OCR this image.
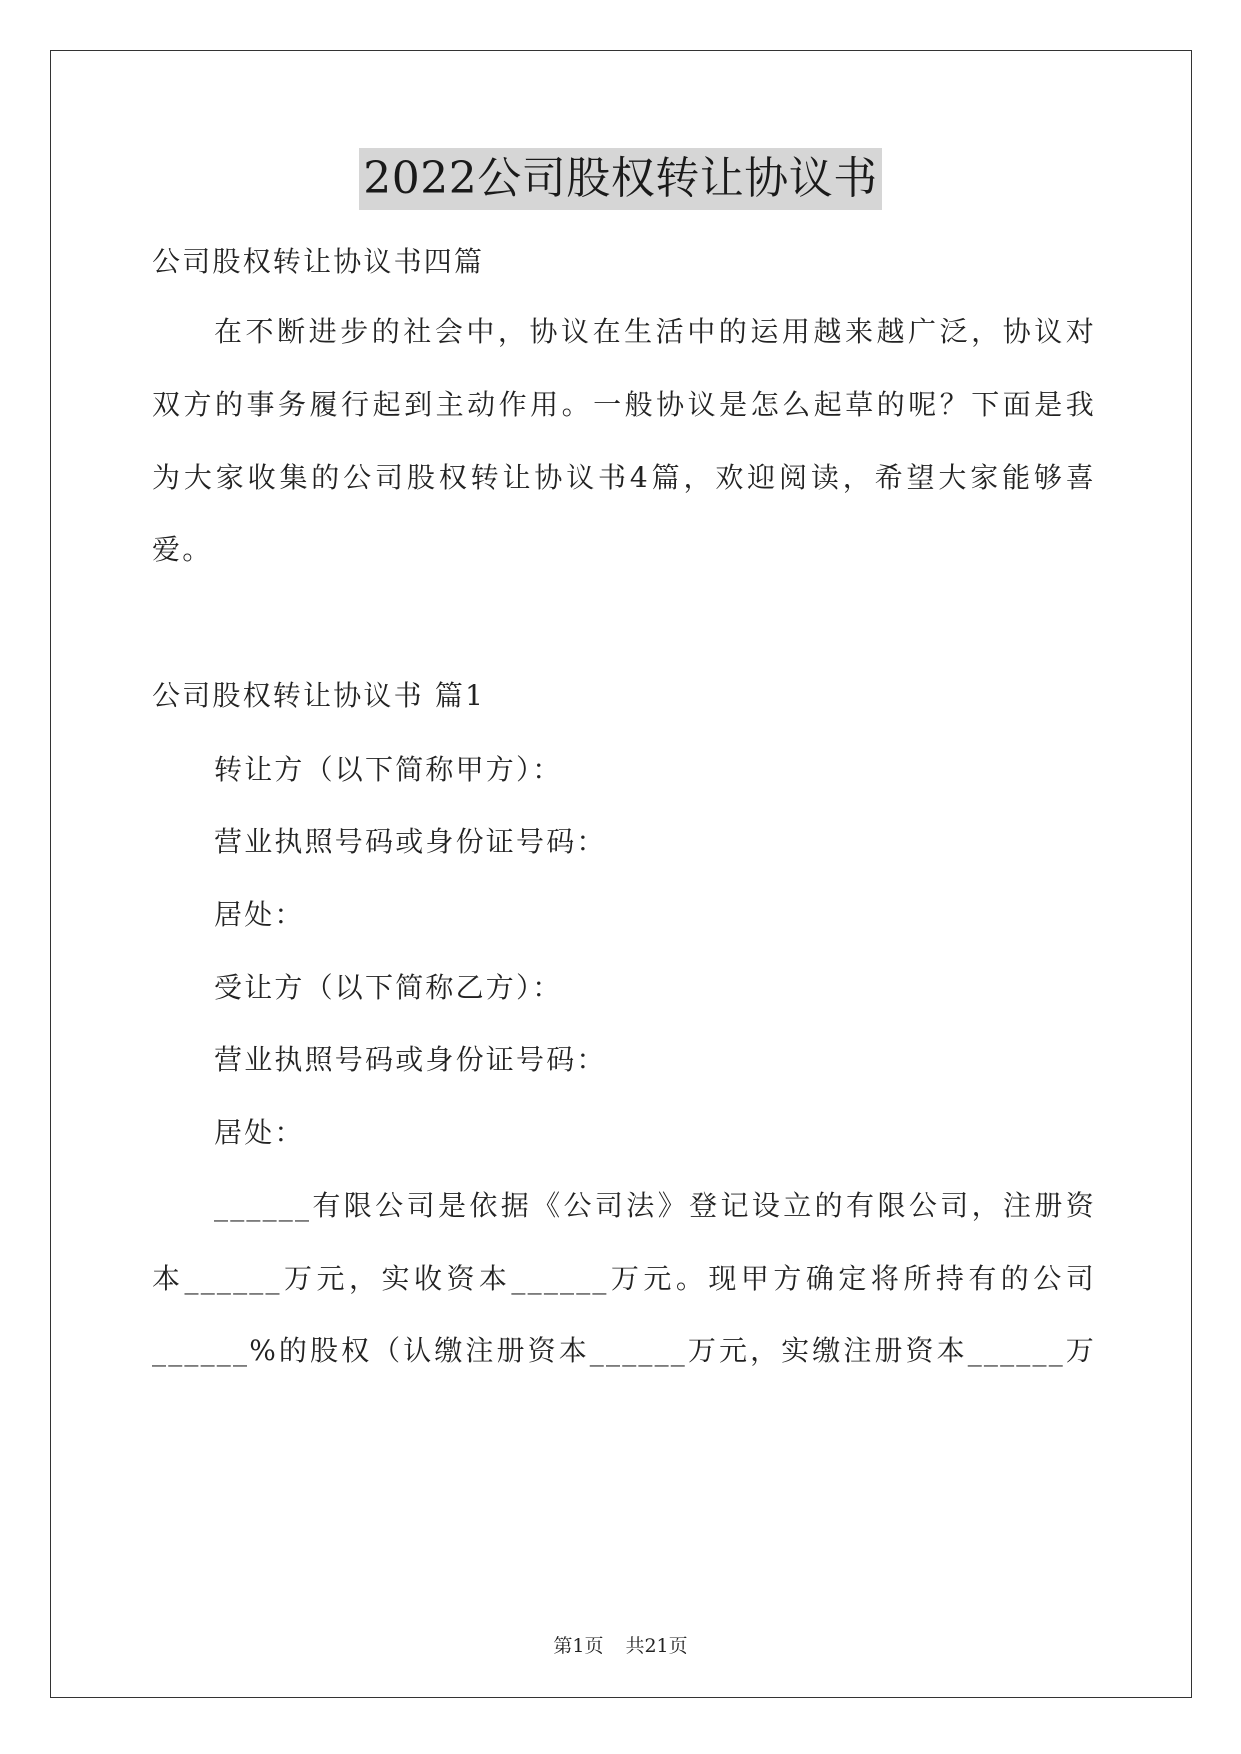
2022公司股权转让协议书
公司股权转让协议书四篇
在不断进步的社会中，协议在生活中的运用越来越广泛，协议对
双方的事务履行起到主动作用。一般协议是怎么起草的呢？下面是我
为大家收集的公司股权转让协议书4篇，欢迎阅读，希望大家能够喜
爱。
公司股权转让协议书 篇1
转让方（以下简称甲方）：
营业执照号码或身份证号码：
居处：
受让方（以下简称乙方）：
营业执照号码或身份证号码：
居处：
______有限公司是依据《公司法》登记设立的有限公司，注册资
本______万元，实收资本______万元。现甲方确定将所持有的公司
______%的股权（认缴注册资本______万元，实缴注册资本______万
第1页 共21页
